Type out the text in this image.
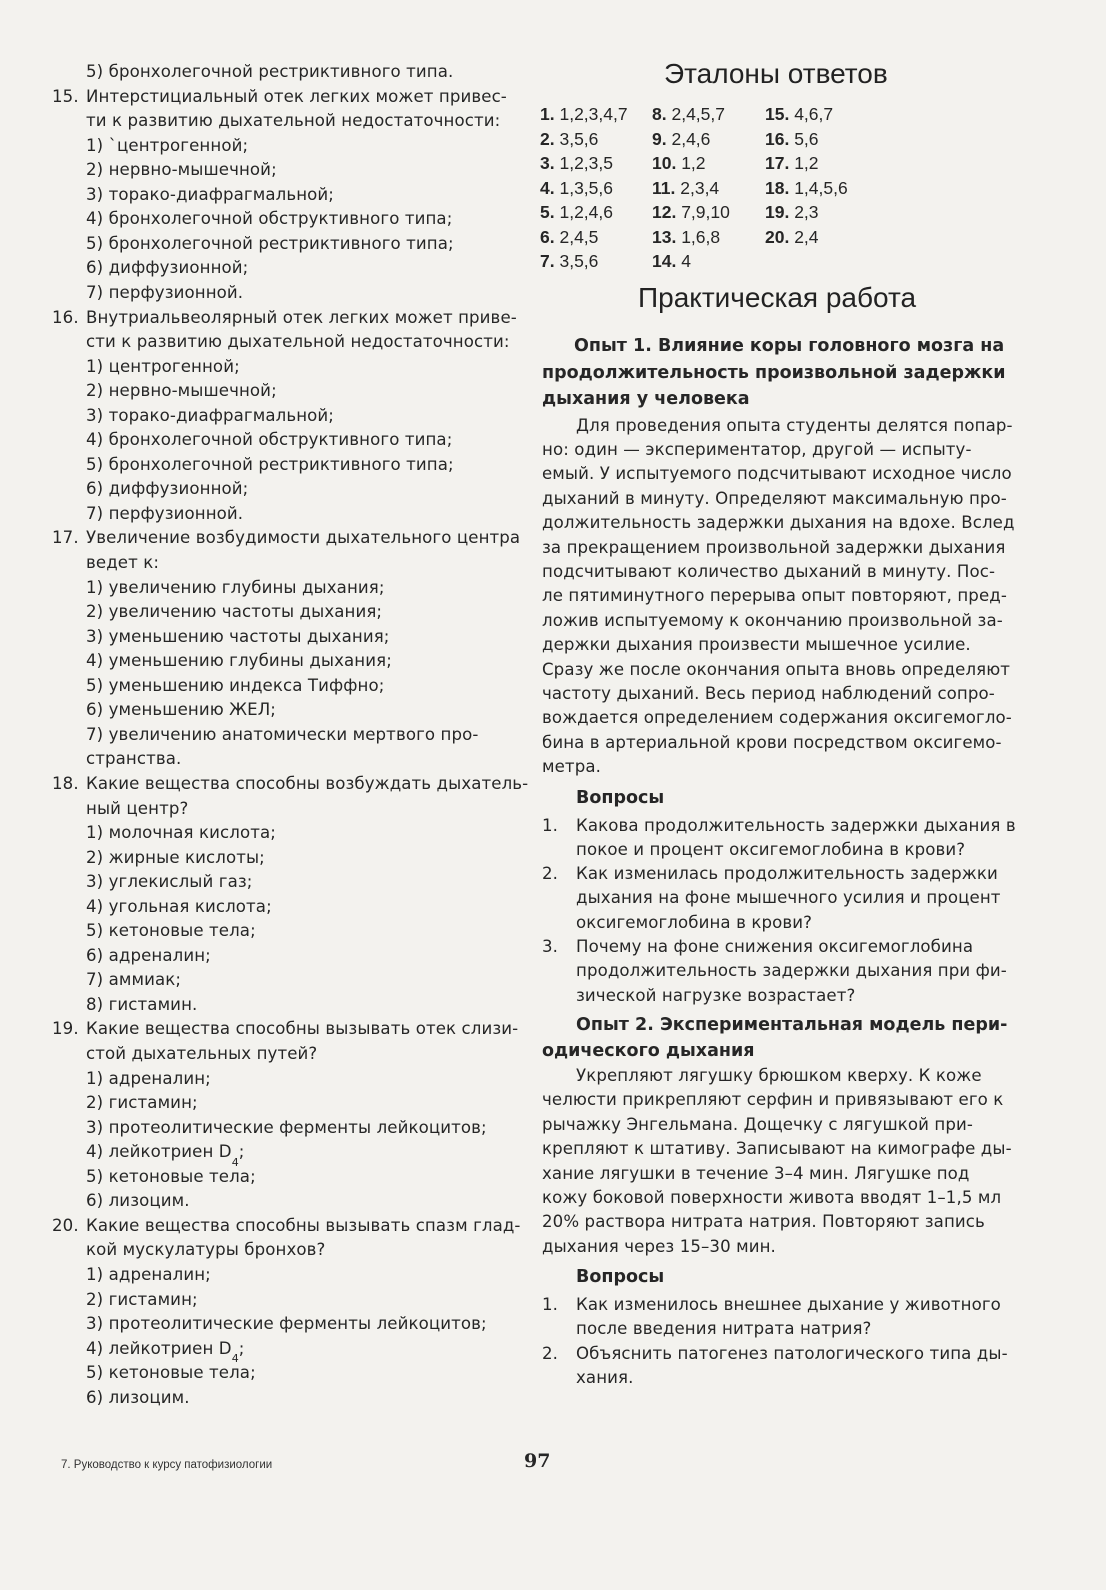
5) бронхолегочной рестриктивного типа.
15. Интерстициальный отек легких может привес-
ти к развитию дыхательной недостаточности:
1) `центрогенной;
2) нервно-мышечной;
3) торако-диафрагмальной;
4) бронхолегочной обструктивного типа;
5) бронхолегочной рестриктивного типа;
6) диффузионной;
7) перфузионной.
16. Внутриальвеолярный отек легких может приве-
сти к развитию дыхательной недостаточности:
1) центрогенной;
2) нервно-мышечной;
3) торако-диафрагмальной;
4) бронхолегочной обструктивного типа;
5) бронхолегочной рестриктивного типа;
6) диффузионной;
7) перфузионной.
17. Увеличение возбудимости дыхательного центра
ведет к:
1) увеличению глубины дыхания;
2) увеличению частоты дыхания;
3) уменьшению частоты дыхания;
4) уменьшению глубины дыхания;
5) уменьшению индекса Тиффно;
6) уменьшению ЖЕЛ;
7) увеличению анатомически мертвого про-
странства.
18. Какие вещества способны возбуждать дыхатель-
ный центр?
1) молочная кислота;
2) жирные кислоты;
3) углекислый газ;
4) угольная кислота;
5) кетоновые тела;
6) адреналин;
7) аммиак;
8) гистамин.
19. Какие вещества способны вызывать отек слизи-
стой дыхательных путей?
1) адреналин;
2) гистамин;
3) протеолитические ферменты лейкоцитов;
4) лейкотриен $D_4$;
5) кетоновые тела;
6) лизоцим.
20. Какие вещества способны вызывать спазм глад-
кой мускулатуры бронхов?
1) адреналин;
2) гистамин;
3) протеолитические ферменты лейкоцитов;
4) лейкотриен $D_4$;
5) кетоновые тела;
6) лизоцим.
Эталоны ответов
1. 1,2,3,4,7 8. 2,4,5,7 15. 4,6,7
2. 3,5,6	9. 2,4,6	16. 5,6
3. 1,2,3,5 10. 1,2	17. 1,2
4. 1,3,5,6 11. 2,3,4	18. 1,4,5,6
5. 1,2,4,6 12. 7,9,10 19. 2,3
6. 2,4,5	13. 1,6,8	20. 2,4
7. 3,5,6	14. 4
Практическая работа
Опыт 1. Влияние коры головного мозга на
продолжительность произвольной задержки
дыхания у человека
Для проведения опыта студенты делятся попар-
но: один — экспериментатор, другой — испыту-
емый. У испытуемого подсчитывают исходное число
дыханий в минуту. Определяют максимальную про-
должительность задержки дыхания на вдохе. Вслед
за прекращением произвольной задержки дыхания
подсчитывают количество дыханий в минуту. Пос-
ле пятиминутного перерыва опыт повторяют, пред-
ложив испытуемому к окончанию произвольной за-
держки дыхания произвести мышечное усилие.
Сразу же после окончания опыта вновь определяют
частоту дыханий. Весь период наблюдений сопро-
вождается определением содержания оксигемогло-
бина в артериальной крови посредством оксигемо-
метра.
Вопросы
1. Какова продолжительность задержки дыхания в
покое и процент оксигемоглобина в крови?
2. Как изменилась продолжительность задержки
дыхания на фоне мышечного усилия и процент
оксигемоглобина в крови?
3. Почему на фоне снижения оксигемоглобина
продолжительность задержки дыхания при фи-
зической нагрузке возрастает?
Опыт 2. Экспериментальная модель пери-
одического дыхания
Укрепляют лягушку брюшком кверху. К коже
челюсти прикрепляют серфин и привязывают его к
рычажку Энгельмана. Дощечку с лягушкой при-
крепляют к штативу. Записывают на кимографе ды-
хание лягушки в течение 3–4 мин. Лягушке под
кожу боковой поверхности живота вводят 1–1,5 мл
20% раствора нитрата натрия. Повторяют запись
дыхания через 15–30 мин.
Вопросы
1. Как изменилось внешнее дыхание у животного
после введения нитрата натрия?
2. Объяснить патогенез патологического типа ды-
хания.
7. Руководство к курсу патофизиологии	97
